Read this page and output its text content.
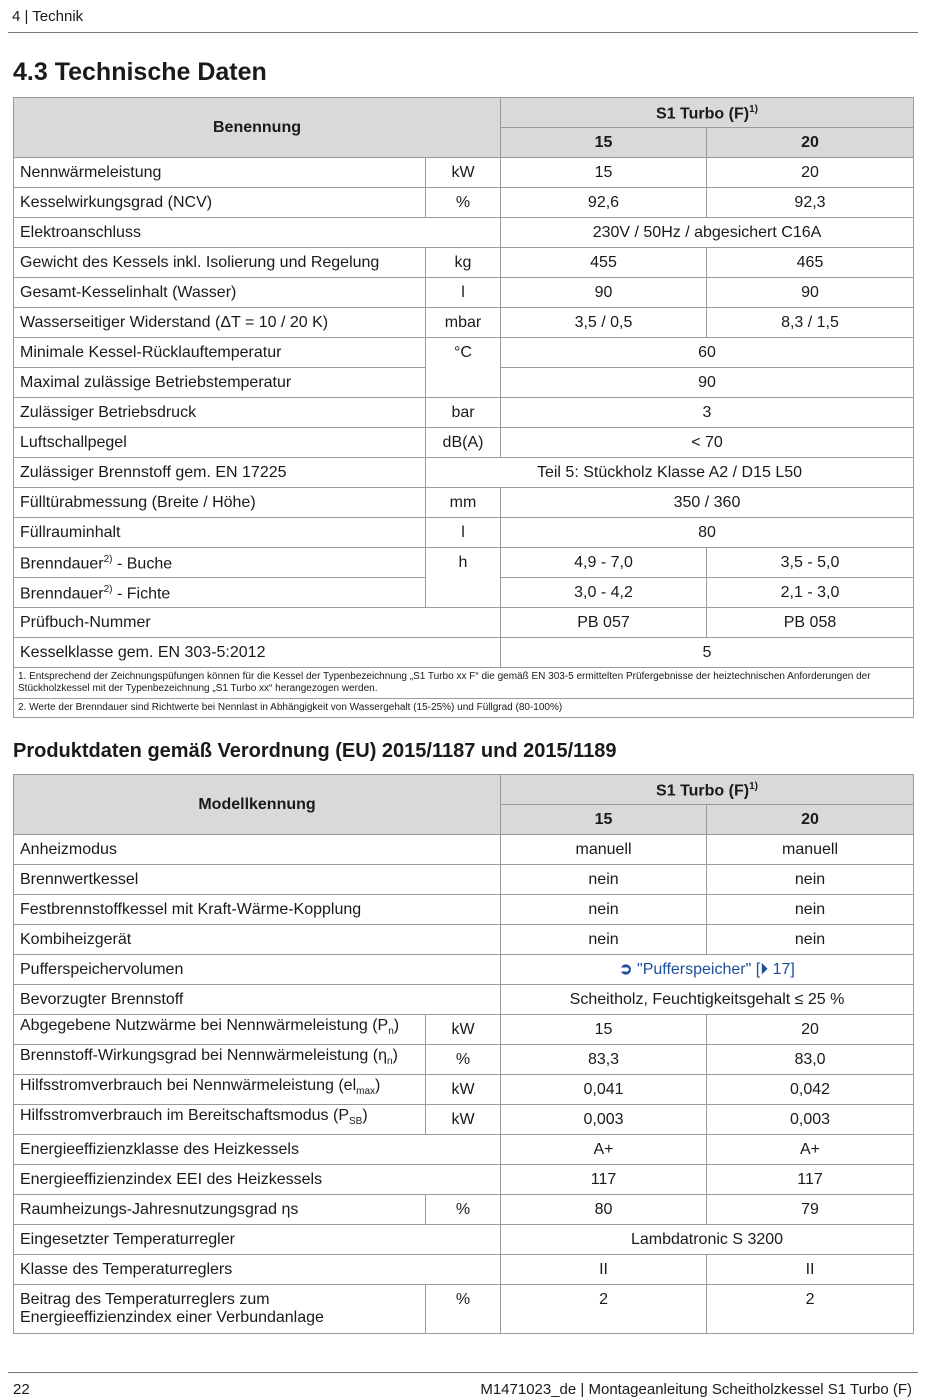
4 | Technik
4.3 Technische Daten
Benennung		S1 Turbo $(F)^{1)}$
		15	20
Nennwärmeleistung	kW	15	20
Kesselwirkungsgrad (NCV)	%	92,6	92,3
Elektroanschluss		230V / 50Hz / abgesichert C16A	
Gewicht des Kessels inkl. Isolierung und Regelung	kg	455	465
Gesamt-Kesselinhalt (Wasser)	l	90	90
Wasserseitiger Widerstand (ΔT = 10 / 20 K)	mbar	3,5 / 0,5	8,3 / 1,5
Minimale Kessel-Rücklauftemperatur	°C	60	
Maximal zulässige Betriebstemperatur		90	
Zulässiger Betriebsdruck	bar	3	
Luftschallpegel	dB(A)	< 70	
Zulässiger Brennstoff gem. EN 17225	Teil 5: Stückholz Klasse A2 / D15 L50		
Fülltürabmessung (Breite / Höhe)	mm	350 / 360	
Füllrauminhalt	l	80	
Brenndauer$^{2)}$ - Buche	h	4,9 - 7,0	3,5 - 5,0
Brenndauer$^{2)}$ - Fichte		3,0 - 4,2	2,1 - 3,0
Prüfbuch-Nummer		PB 057	PB 058
Kesselklasse gem. EN 303-5:2012		5	
1. Entsprechend der Zeichnungspüfungen können für die Kessel der Typenbezeichnung „S1 Turbo xx F“ die gemäß EN 303-5 ermittelten Prüfergebnisse der heiztechnischen Anforderungen der Stückholzkessel mit der Typenbezeichnung „S1 Turbo xx“ herangezogen werden.			
2. Werte der Brenndauer sind Richtwerte bei Nennlast in Abhängigkeit von Wassergehalt (15-25%) und Füllgrad (80-100%)			
Produktdaten gemäß Verordnung (EU) 2015/1187 und 2015/1189
Modellkennung		S1 Turbo $(F)^{1)}$
		15	20
Anheizmodus		manuell	manuell
Brennwertkessel		nein	nein
Festbrennstoffkessel mit Kraft-Wärme-Kopplung		nein	nein
Kombiheizgerät		nein	nein
Pufferspeichervolumen		➲ "Pufferspeicher" [⏵ 17]	
Bevorzugter Brennstoff		Scheitholz, Feuchtigkeitsgehalt ≤ 25 %	
Abgegebene Nutzwärme bei Nennwärmeleistung $(P_n)$	kW	15	20
Brennstoff-Wirkungsgrad bei Nennwärmeleistung $(\eta_n)$	%	83,3	83,0
Hilfsstromverbrauch bei Nennwärmeleistung $(el_{max})$	kW	0,041	0,042
Hilfsstromverbrauch im Bereitschaftsmodus $(P_{SB})$	kW	0,003	0,003
Energieeffizienzklasse des Heizkessels		A+	A+
Energieeffizienzindex EEI des Heizkessels		117	117
Raumheizungs-Jahresnutzungsgrad ηs	%	80	79
Eingesetzter Temperaturregler		Lambdatronic S 3200	
Klasse des Temperaturreglers		II	II
Beitrag des Temperaturreglers zum Energieeffizienzindex einer Verbundanlage	%	2	2
22	M1471023_de | Montageanleitung Scheitholzkessel S1 Turbo (F)
